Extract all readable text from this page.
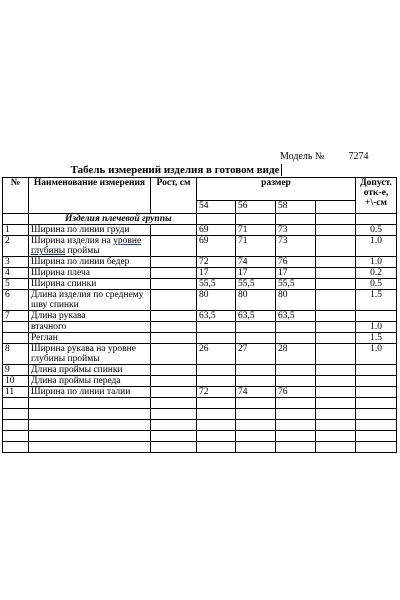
Модель № 7274
Табель измерений изделия в готовом виде
№	Наименование измерения	Рост, см	размер				Допуст. отк-е, +\-см
			54	56	58		
	Изделия плечевой группы						
1	Ширина по линии груди		69	71	73		0.5
2	Ширина изделия на уровне глубины проймы		69	71	73		1.0
3	Ширина по линии бедер		72	74	76		1.0
4	Ширина плеча		17	17	17		0.2
5	Ширина спинки		55,5	55,5	55,5		0.5
6	Длина изделия по среднему шву спинки		80	80	80		1.5
7	Длина рукава		63,5	63,5	63,5		
	втачного						1.0
	Реглан						1.5
8	Ширина рукава на уровне глубины проймы		26	27	28		1.0
9	Длина проймы спинки						
10	Длина проймы переда						
11	Ширина по линии талии		72	74	76		
